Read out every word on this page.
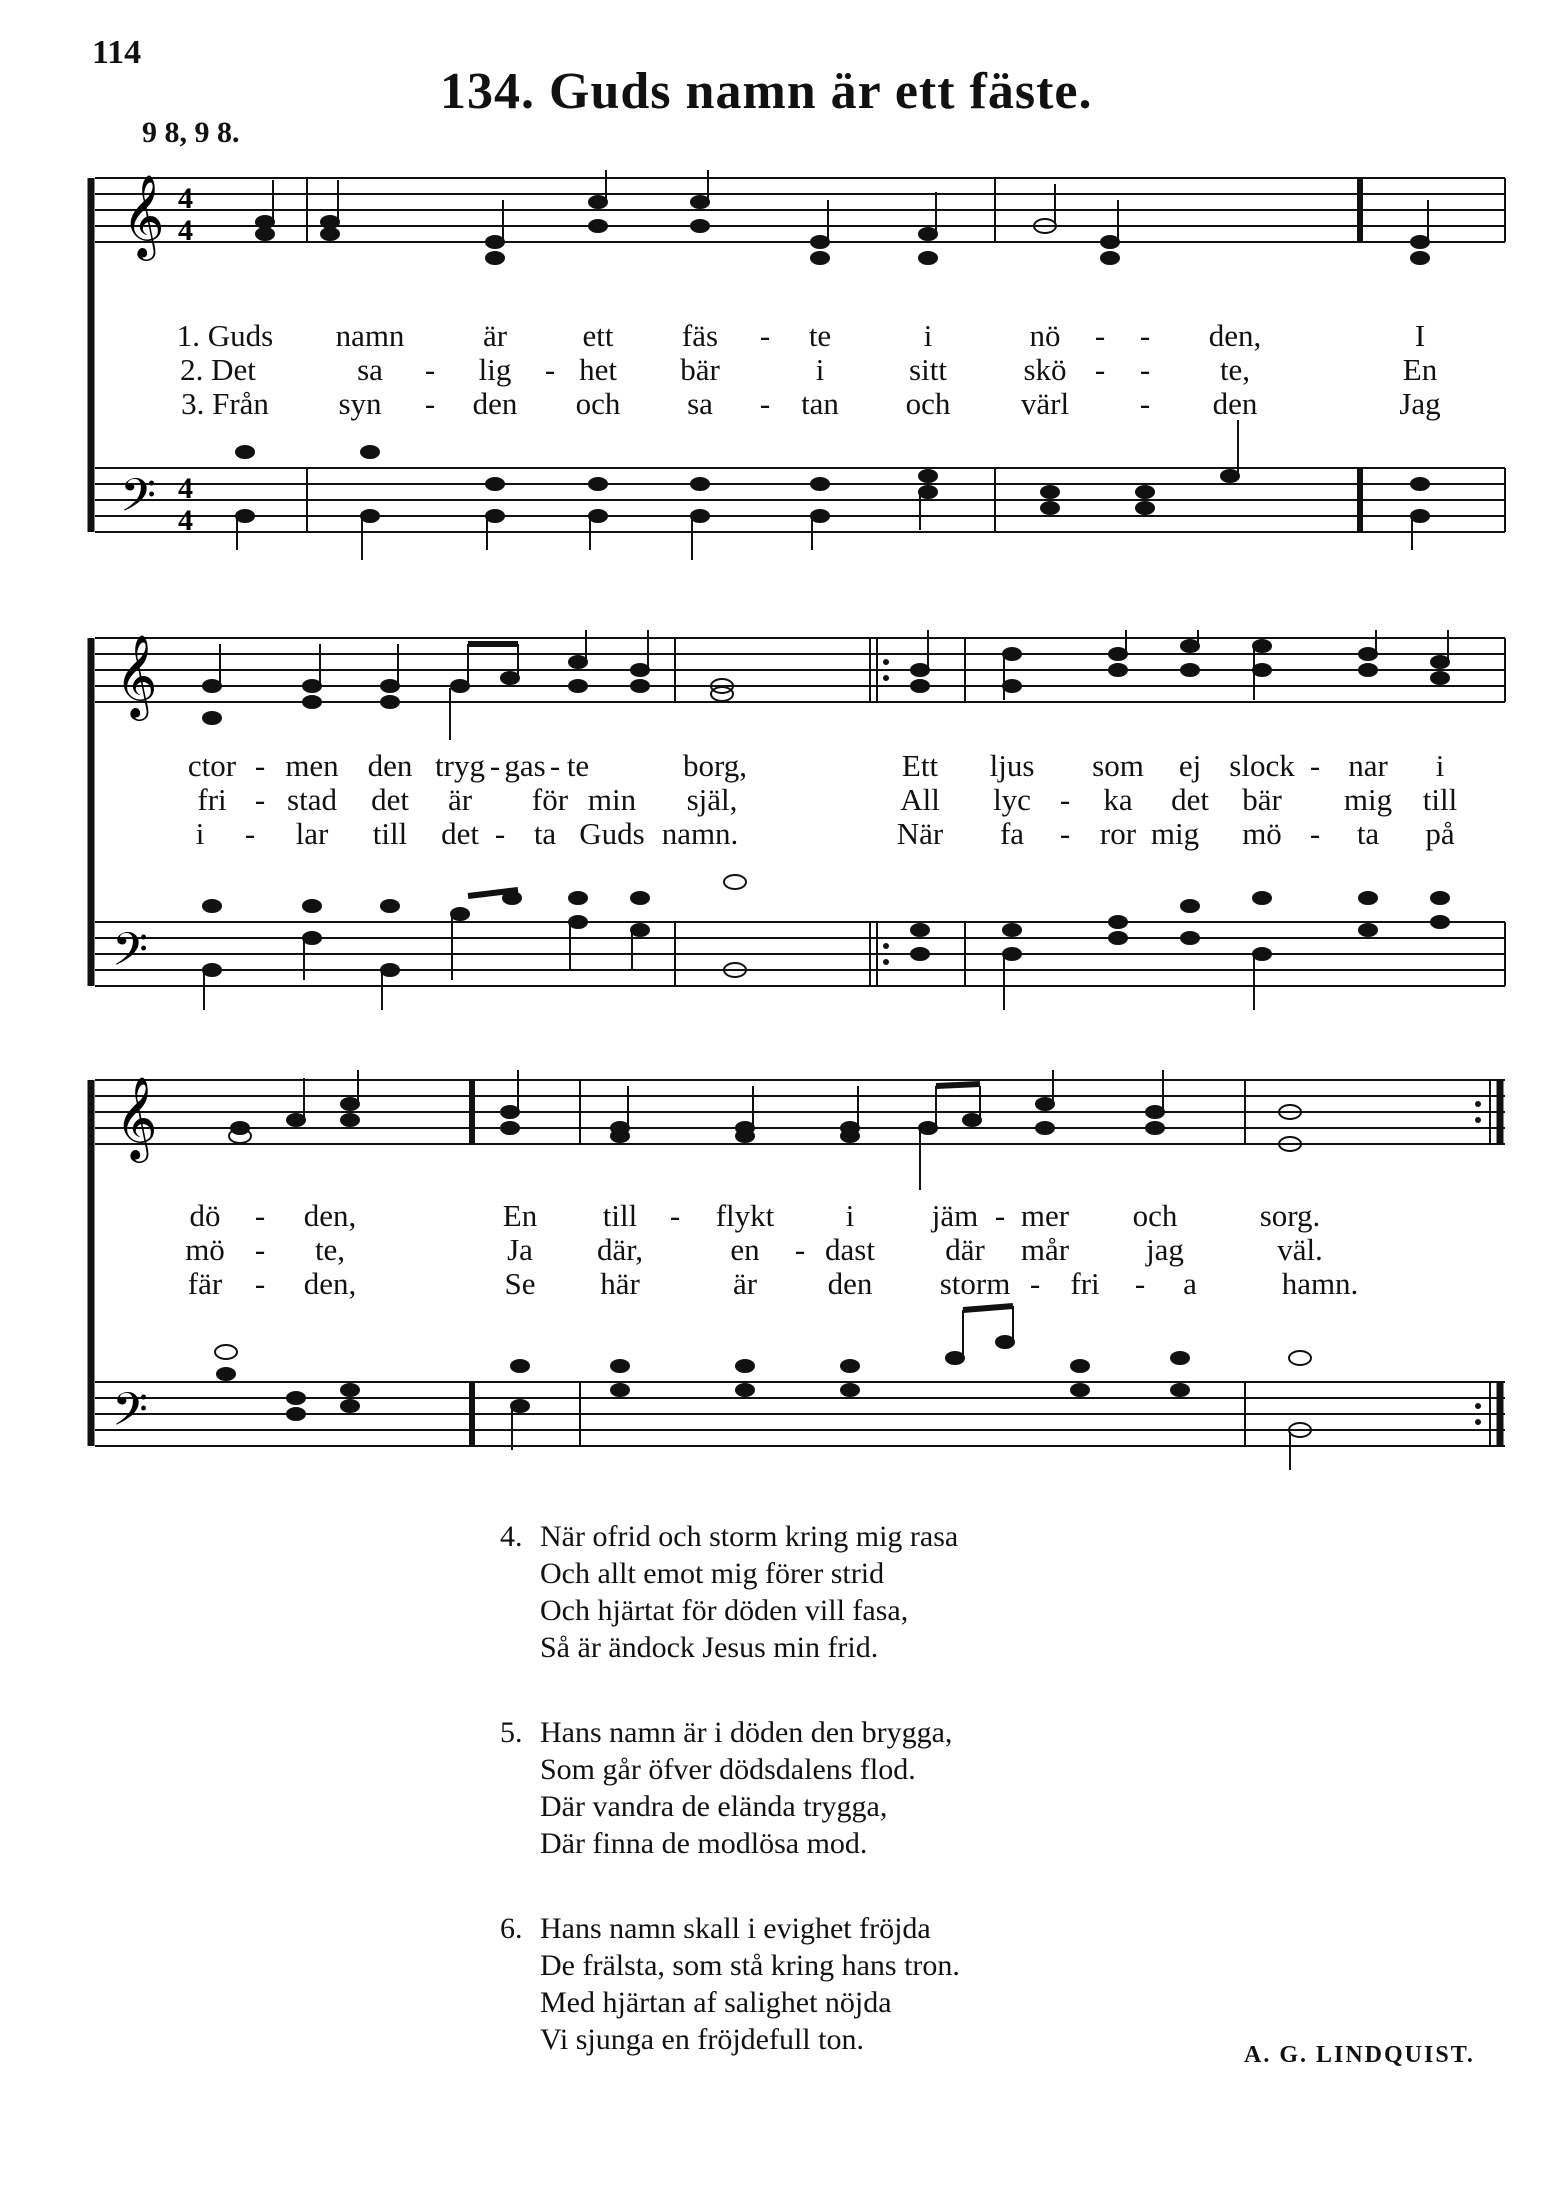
114
134. Guds namn är ett fäste.
9 8, 9 8.
𝄞
𝄢
4
4
4
4
1. Guds namn	är ett fäs - te	i	nö - - den,	I
2. Det	sa - lig - het bär	i	sitt skö - - te,	En
3. Från syn - den och sa - tan och värl - den	Jag
𝄞
𝄢
ctor - men den tryg - gas - te	borg,	Ett ljus som ej slock - nar i
fri - stad det är för min själ,	All lyc - ka det bär mig till
i - lar till det - ta Guds namn.	När fa - ror mig mö - ta på
𝄞
𝄢
dö - den,	En till - flykt i jäm - mer och	sorg.
mö - te,	Ja där,	en - dast där mår jag	väl.
fär - den,	Se här	är den storm - fri - a	hamn.
4. När ofrid och storm kring mig rasa
Och allt emot mig förer strid
Och hjärtat för döden vill fasa,
Så är ändock Jesus min frid.
5. Hans namn är i döden den brygga,
Som går öfver dödsdalens flod.
Där vandra de elända trygga,
Där finna de modlösa mod.
6. Hans namn skall i evighet fröjda
De frälsta, som stå kring hans tron.
Med hjärtan af salighet nöjda
Vi sjunga en fröjdefull ton.	A. G. LINDQUIST.
